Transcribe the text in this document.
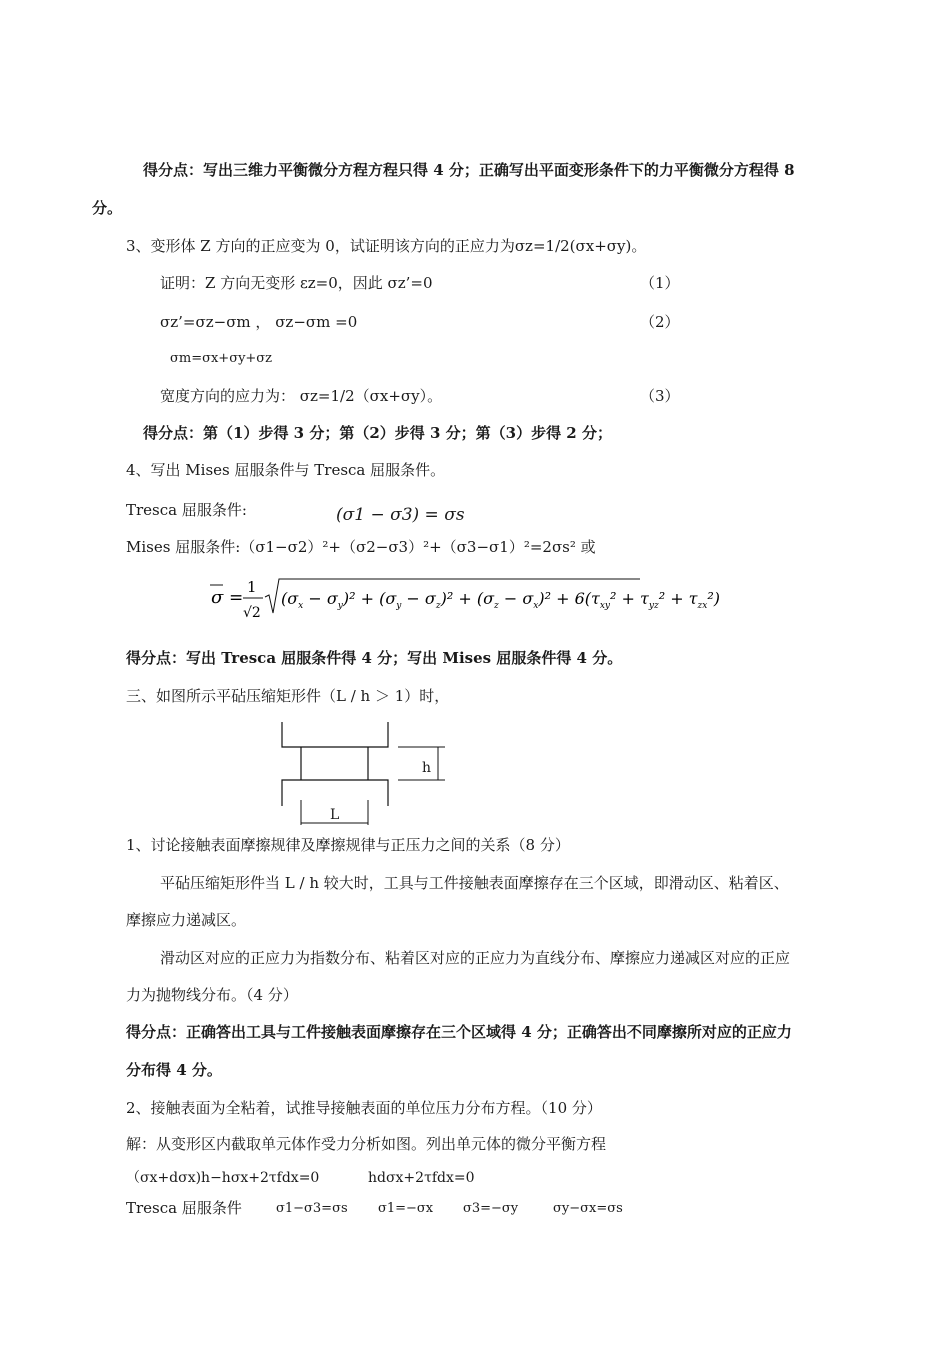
得分点：写出三维力平衡微分方程方程只得 4 分；正确写出平面变形条件下的力平衡微分方程得 8
分。
3、变形体 Z 方向的正应变为 0，试证明该方向的正应力为σz=1/2(σx+σy)。
证明：Z 方向无变形 εz=0，因此 σz’=0	（1）
σz’=σz−σm ， σz−σm =0	（2）
σm=σx+σy+σz
宽度方向的应力为： σz=1/2（σx+σy）。	（3）
得分点：第（1）步得 3 分；第（2）步得 3 分；第（3）步得 2 分；
4、写出 Mises 屈服条件与 Tresca 屈服条件。
Tresca 屈服条件:	(σ1 − σ3) = σs
Mises 屈服条件:（σ1−σ2）²+（σ2−σ3）²+（σ3−σ1）²=2σs² 或
σ =
1
√2
$(\sigma_x - \sigma_y)^2 + (\sigma_y - \sigma_z)^2 + (\sigma_z - \sigma_x)^2 + 6(\tau_{xy}^2 + \tau_{yz}^2 + \tau_{zx}^2)$
得分点：写出 Tresca 屈服条件得 4 分；写出 Mises 屈服条件得 4 分。
三、如图所示平砧压缩矩形件（L / h ＞ 1）时，
h
L
1、讨论接触表面摩擦规律及摩擦规律与正压力之间的关系（8 分）
平砧压缩矩形件当 L / h 较大时，工具与工件接触表面摩擦存在三个区域，即滑动区、粘着区、
摩擦应力递减区。
滑动区对应的正应力为指数分布、粘着区对应的正应力为直线分布、摩擦应力递减区对应的正应
力为抛物线分布。（4 分）
得分点：正确答出工具与工件接触表面摩擦存在三个区域得 4 分；正确答出不同摩擦所对应的正应力
分布得 4 分。
2、接触表面为全粘着，试推导接触表面的单位压力分布方程。（10 分）
解：从变形区内截取单元体作受力分析如图。列出单元体的微分平衡方程
（σx+dσx)h−hσx+2τfdx=0	hdσx+2τfdx=0
Tresca 屈服条件	σ1−σ3=σs σ1=−σx σ3=−σy	σy−σx=σs
